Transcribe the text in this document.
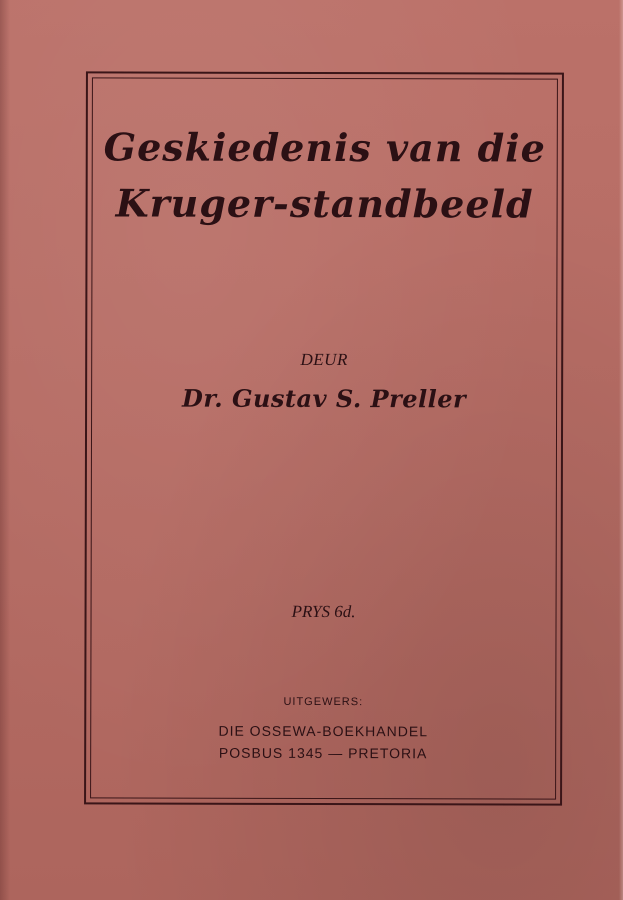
Geskiedenis van die
Kruger-standbeeld
DEUR
Dr. Gustav S. Preller
PRYS 6d.
UITGEWERS:
DIE OSSEWA-BOEKHANDEL
POSBUS 1345 — PRETORIA
